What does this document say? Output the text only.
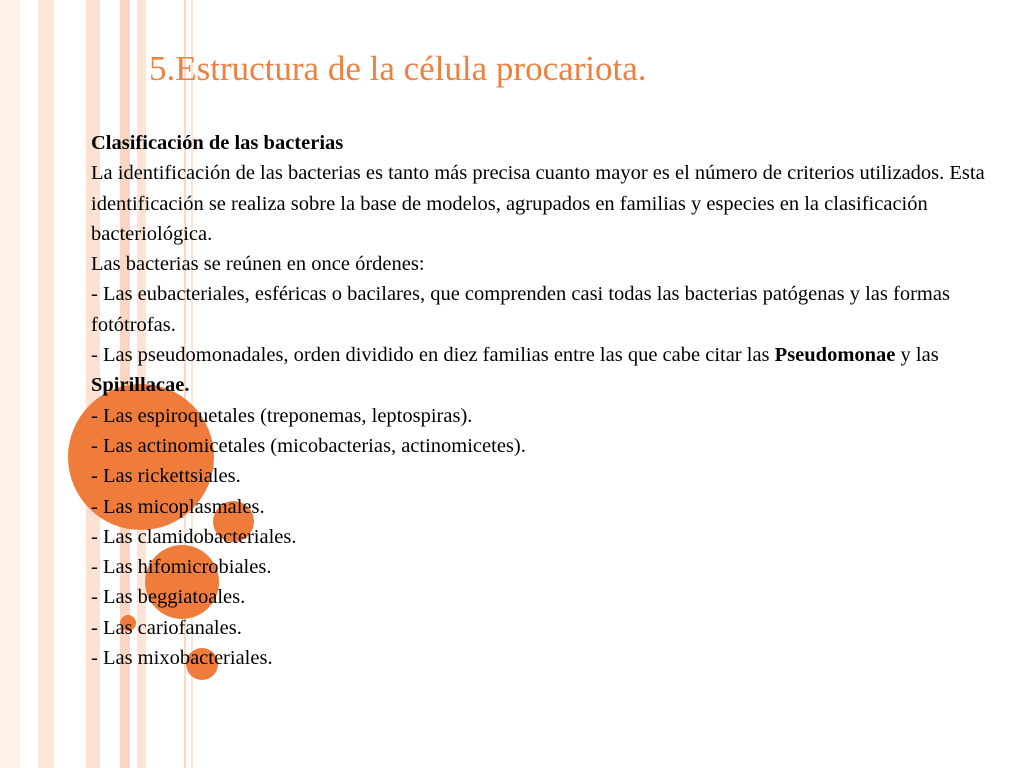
5.Estructura de la célula procariota.

Clasificación de las bacterias

La identificación de las bacterias es tanto más precisa cuanto mayor es el número de criterios utilizados. Esta identificación se realiza sobre la base de modelos, agrupados en familias y especies en la clasificación bacteriológica.

Las bacterias se reúnen en once órdenes:

- Las eubacteriales, esféricas o bacilares, que comprenden casi todas las bacterias patógenas y las formas fotótrofas.

- Las pseudomonadales, orden dividido en diez familias entre las que cabe citar las Pseudomonae y las Spirillacae.

- Las espiroquetales (treponemas, leptospiras).

- Las actinomicetales (micobacterias, actinomicetes).

- Las rickettsiales.

- Las micoplasmales.

- Las clamidobacteriales.

- Las hifomicrobiales.

- Las beggiatoales.

- Las cariofanales.

- Las mixobacteriales.
